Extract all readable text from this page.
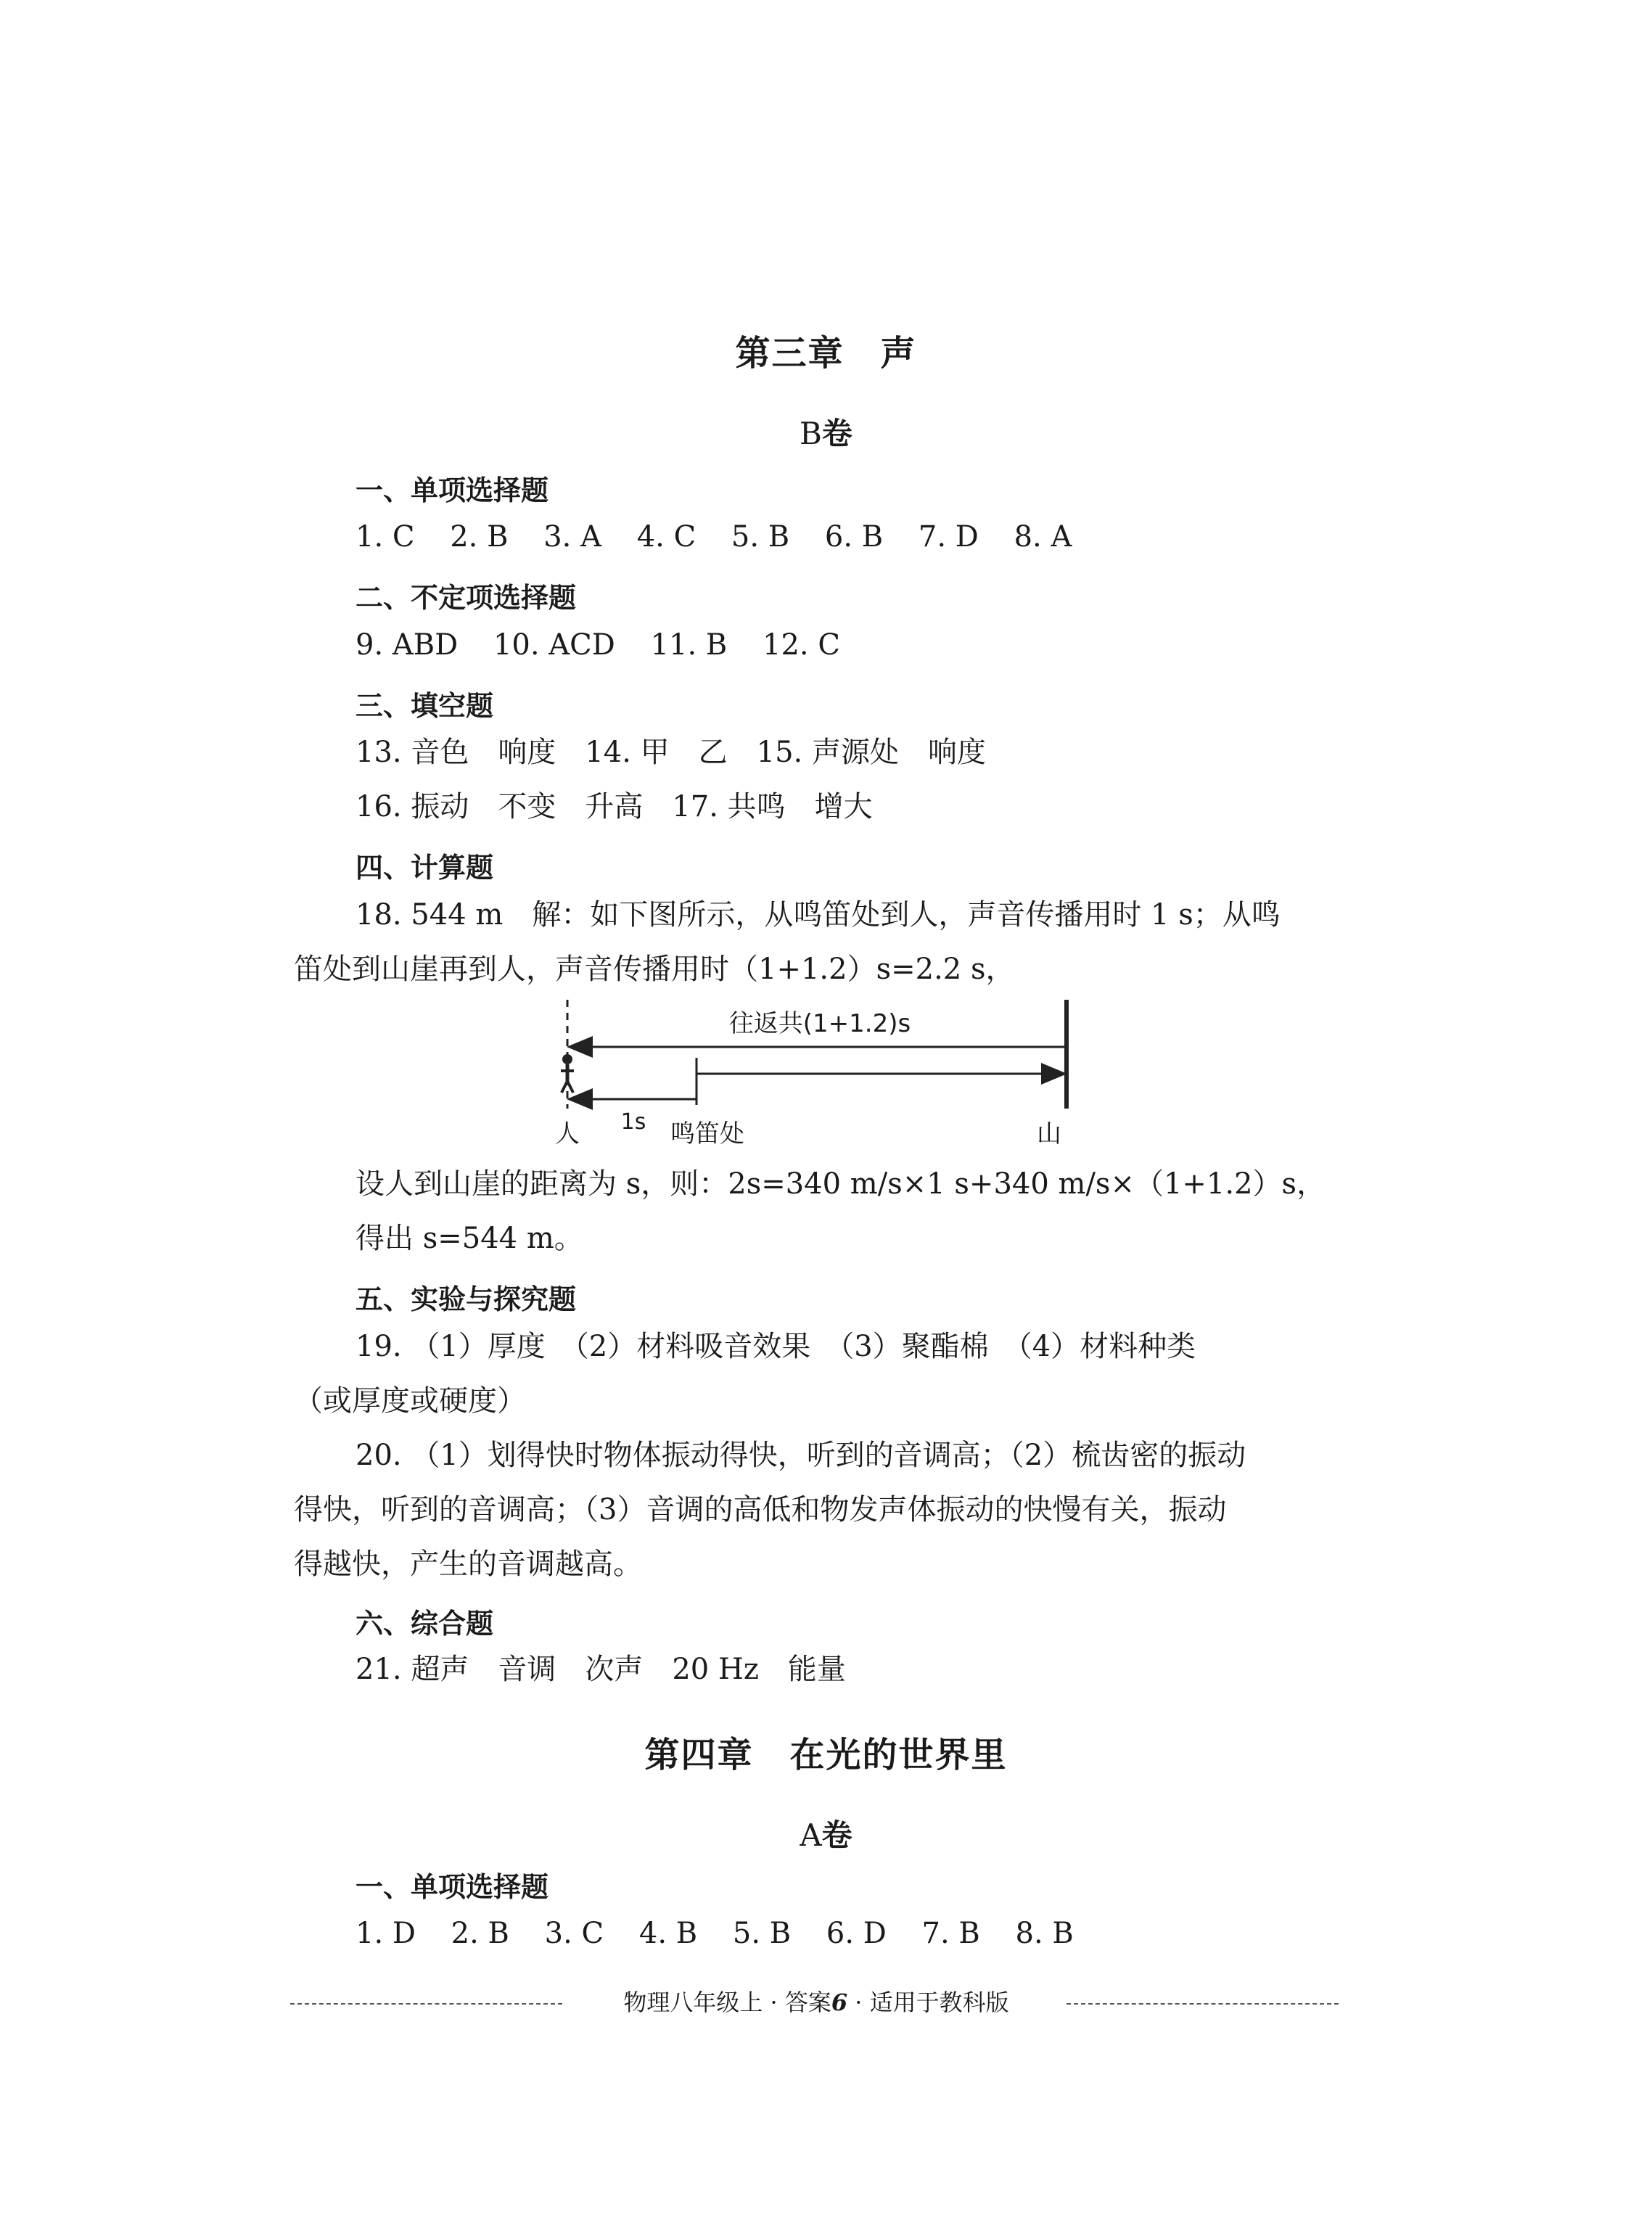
第三章　声
B卷
一、单项选择题
1. C 2. B 3. A 4. C 5. B 6. B 7. D 8. A
二、不定项选择题
9. ABD 10. ACD 11. B 12. C
三、填空题
13. 音色　响度　14. 甲　乙　15. 声源处　响度
16. 振动　不变　升高　17. 共鸣　增大
四、计算题
18. 544 m　解：如下图所示，从鸣笛处到人，声音传播用时 1 s；从鸣
笛处到山崖再到人，声音传播用时（1+1.2）s=2.2 s，
往返共(1+1.2)s
1s
人	鸣笛处	山
设人到山崖的距离为 s，则：2s=340 m/s×1 s+340 m/s×（1+1.2）s，
得出 s=544 m。
五、实验与探究题
19. （1）厚度　（2）材料吸音效果　（3）聚酯棉　（4）材料种类
（或厚度或硬度）
20. （1）划得快时物体振动得快，听到的音调高；（2）梳齿密的振动
得快，听到的音调高；（3）音调的高低和物发声体振动的快慢有关，振动
得越快，产生的音调越高。
六、综合题
21. 超声　音调　次声　20 Hz　能量
第四章　在光的世界里
A卷
一、单项选择题
1. D 2. B 3. C 4. B 5. B 6. D 7. B 8. B
物理八年级上 · 答案6 · 适用于教科版
